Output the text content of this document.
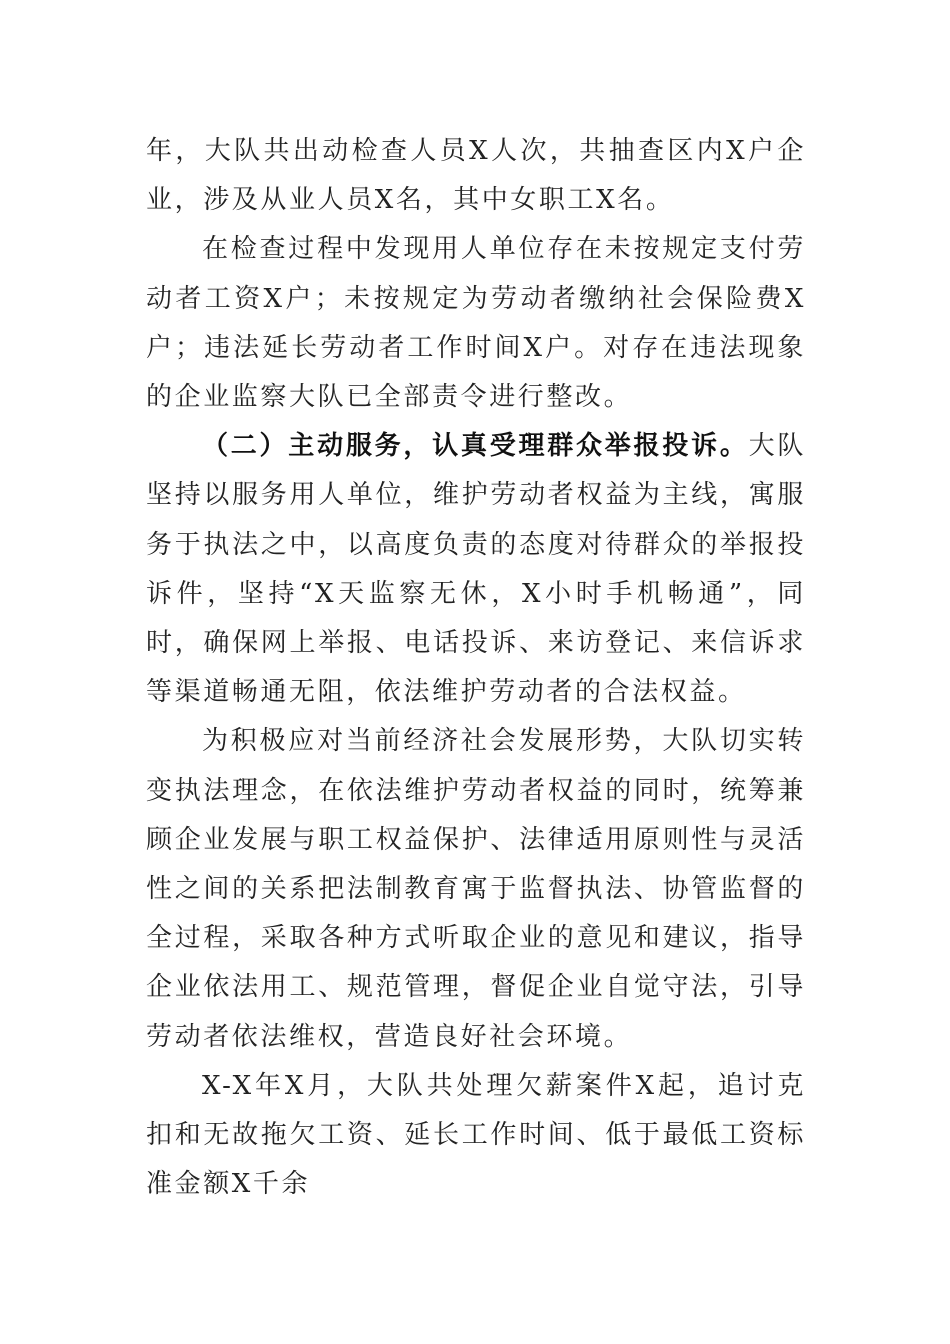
年，大队共出动检查人员X人次，共抽查区内X户企业，涉及从业人员X名，其中女职工X名。

在检查过程中发现用人单位存在未按规定支付劳动者工资X户；未按规定为劳动者缴纳社会保险费X户；违法延长劳动者工作时间X户。对存在违法现象的企业监察大队已全部责令进行整改。

（二）主动服务，认真受理群众举报投诉。大队坚持以服务用人单位，维护劳动者权益为主线，寓服务于执法之中，以高度负责的态度对待群众的举报投诉件，坚持“X天监察无休，X小时手机畅通”，同时，确保网上举报、电话投诉、来访登记、来信诉求等渠道畅通无阻，依法维护劳动者的合法权益。

为积极应对当前经济社会发展形势，大队切实转变执法理念，在依法维护劳动者权益的同时，统筹兼顾企业发展与职工权益保护、法律适用原则性与灵活性之间的关系把法制教育寓于监督执法、协管监督的全过程，采取各种方式听取企业的意见和建议，指导企业依法用工、规范管理，督促企业自觉守法，引导劳动者依法维权，营造良好社会环境。

X-X年X月，大队共处理欠薪案件X起，追讨克扣和无故拖欠工资、延长工作时间、低于最低工资标准金额X千余
